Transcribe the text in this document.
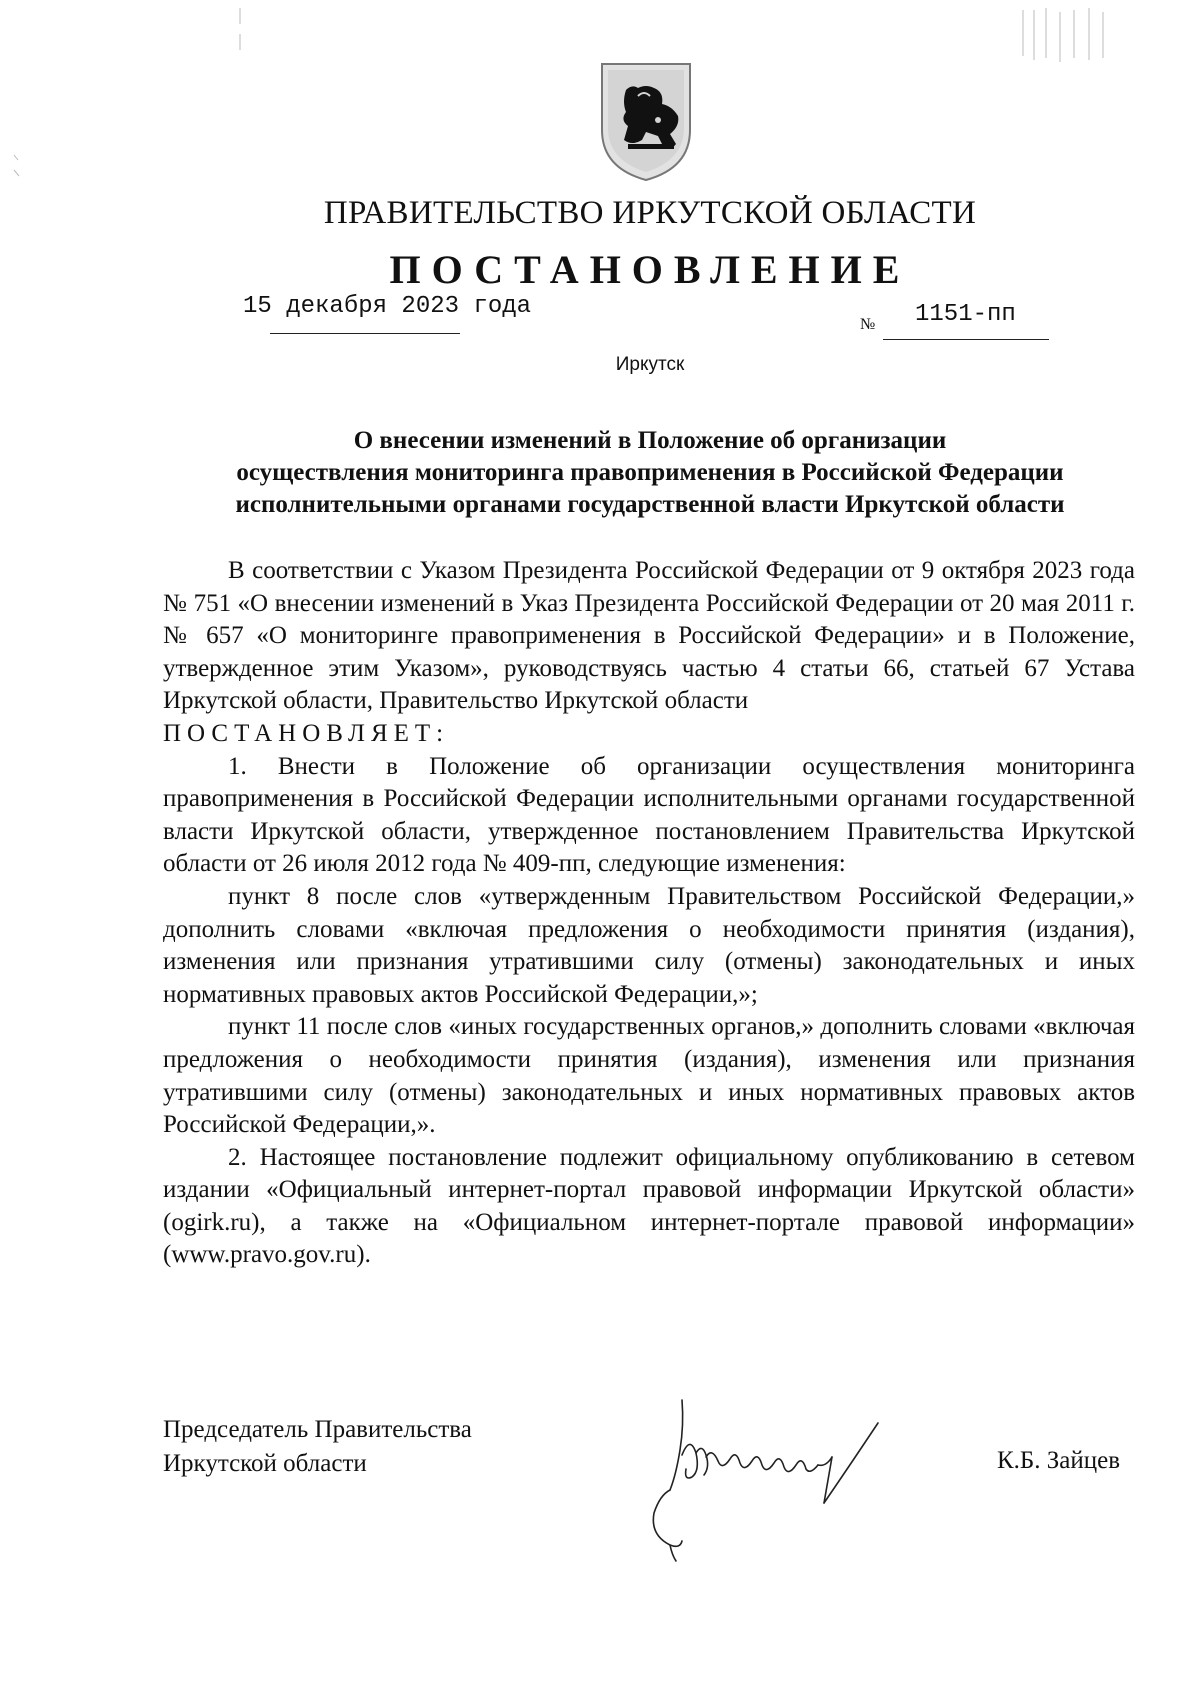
ПРАВИТЕЛЬСТВО ИРКУТСКОЙ ОБЛАСТИ
ПОСТАНОВЛЕНИЕ
15 декабря 2023 года
№ 1151-пп
Иркутск
О внесении изменений в Положение об организации
осуществления мониторинга правоприменения в Российской Федерации
исполнительными органами государственной власти Иркутской области

В соответствии с Указом Президента Российской Федерации от 9 октября 2023 года № 751 «О внесении изменений в Указ Президента Российской Федерации от 20 мая 2011 г. № 657 «О мониторинге правоприменения в Российской Федерации» и в Положение, утвержденное этим Указом», руководствуясь частью 4 статьи 66, статьей 67 Устава Иркутской области, Правительство Иркутской области

ПОСТАНОВЛЯЕТ:

1. Внести в Положение об организации осуществления мониторинга правоприменения в Российской Федерации исполнительными органами государственной власти Иркутской области, утвержденное постановлением Правительства Иркутской области от 26 июля 2012 года № 409-пп, следующие изменения:

пункт 8 после слов «утвержденным Правительством Российской Федерации,» дополнить словами «включая предложения о необходимости принятия (издания), изменения или признания утратившими силу (отмены) законодательных и иных нормативных правовых актов Российской Федерации,»;

пункт 11 после слов «иных государственных органов,» дополнить словами «включая предложения о необходимости принятия (издания), изменения или признания утратившими силу (отмены) законодательных и иных нормативных правовых актов Российской Федерации,».

2. Настоящее постановление подлежит официальному опубликованию в сетевом издании «Официальный интернет-портал правовой информации Иркутской области» (ogirk.ru), а также на «Официальном интернет-портале правовой информации» (www.pravo.gov.ru).

Председатель Правительства
Иркутской области	К.Б. Зайцев
